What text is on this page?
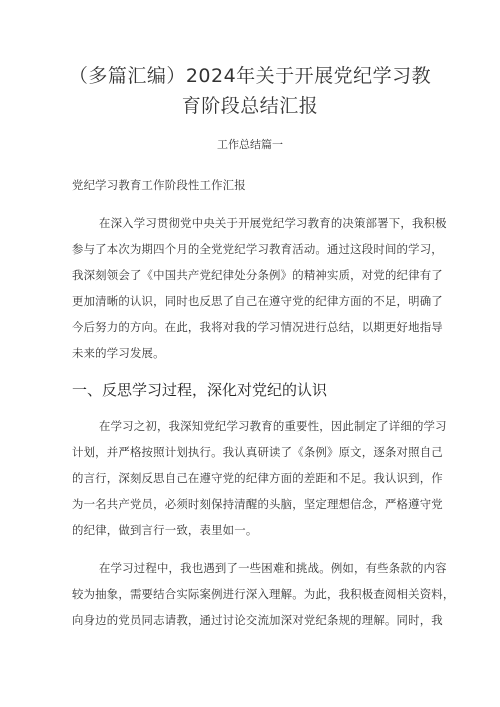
（多篇汇编）2024年关于开展党纪学习教
育阶段总结汇报
工作总结篇一
党纪学习教育工作阶段性工作汇报
在深入学习贯彻党中央关于开展党纪学习教育的决策部署下，我积极
参与了本次为期四个月的全党党纪学习教育活动。通过这段时间的学习，
我深刻领会了《中国共产党纪律处分条例》的精神实质，对党的纪律有了
更加清晰的认识，同时也反思了自己在遵守党的纪律方面的不足，明确了
今后努力的方向。在此，我将对我的学习情况进行总结，以期更好地指导
未来的学习发展。
一、反思学习过程，深化对党纪的认识
在学习之初，我深知党纪学习教育的重要性，因此制定了详细的学习
计划，并严格按照计划执行。我认真研读了《条例》原文，逐条对照自己
的言行，深刻反思自己在遵守党的纪律方面的差距和不足。我认识到，作
为一名共产党员，必须时刻保持清醒的头脑，坚定理想信念，严格遵守党
的纪律，做到言行一致，表里如一。
在学习过程中，我也遇到了一些困难和挑战。例如，有些条款的内容
较为抽象，需要结合实际案例进行深入理解。为此，我积极查阅相关资料，
向身边的党员同志请教，通过讨论交流加深对党纪条规的理解。同时，我
